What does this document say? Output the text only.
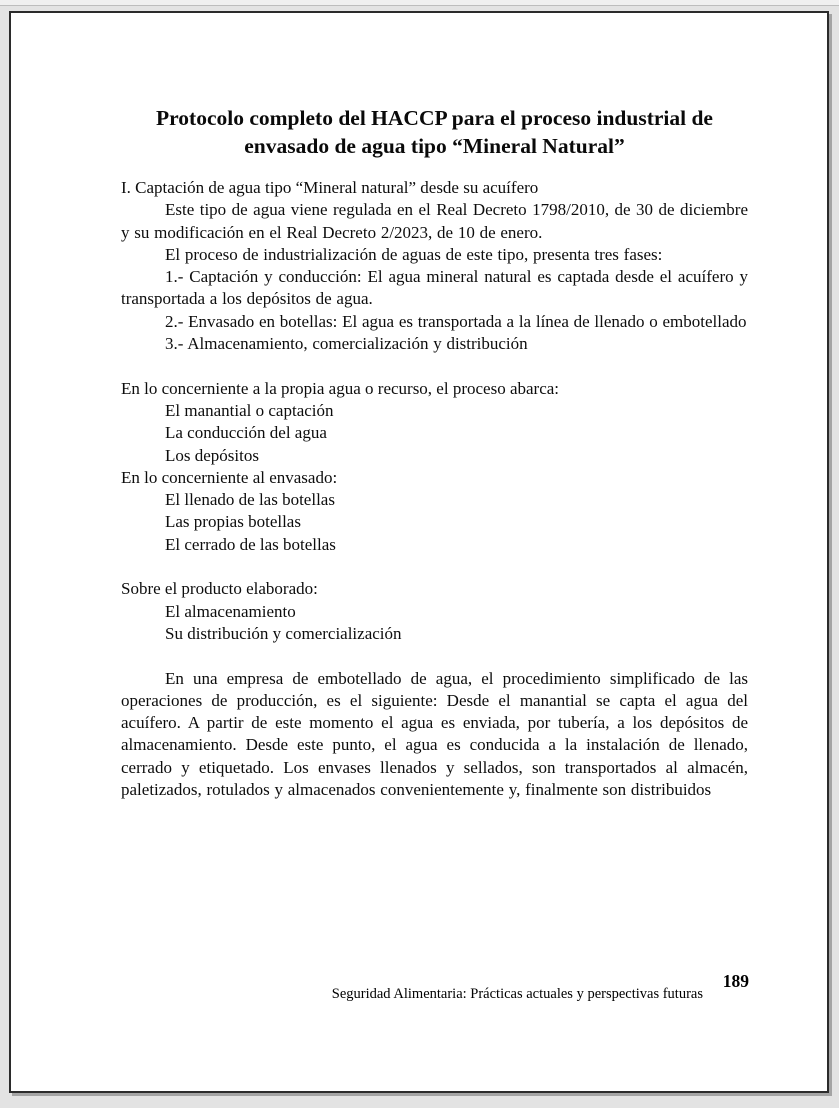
Protocolo completo del HACCP para el proceso industrial de
envasado de agua tipo “Mineral Natural”
I. Captación de agua tipo “Mineral natural” desde su acuífero
Este tipo de agua viene regulada en el Real Decreto 1798/2010, de 30 de diciembre y su modificación en el Real Decreto 2/2023, de 10 de enero.
El proceso de industrialización de aguas de este tipo, presenta tres fases:
1.- Captación y conducción: El agua mineral natural es captada desde el acuífero y transportada a los depósitos de agua.
2.- Envasado en botellas: El agua es transportada a la línea de llenado o embotellado
3.- Almacenamiento, comercialización y distribución
En lo concerniente a la propia agua o recurso, el proceso abarca:
El manantial o captación
La conducción del agua
Los depósitos
En lo concerniente al envasado:
El llenado de las botellas
Las propias botellas
El cerrado de las botellas
Sobre el producto elaborado:
El almacenamiento
Su distribución y comercialización
En una empresa de embotellado de agua, el procedimiento simplificado de las operaciones de producción, es el siguiente: Desde el manantial se capta el agua del acuífero. A partir de este momento el agua es enviada, por tubería, a los depósitos de almacenamiento. Desde este punto, el agua es conducida a la instalación de llenado, cerrado y etiquetado. Los envases llenados y sellados, son transportados al almacén, paletizados, rotulados y almacenados convenientemente y, finalmente son distribuidos
189
Seguridad Alimentaria: Prácticas actuales y perspectivas futuras
